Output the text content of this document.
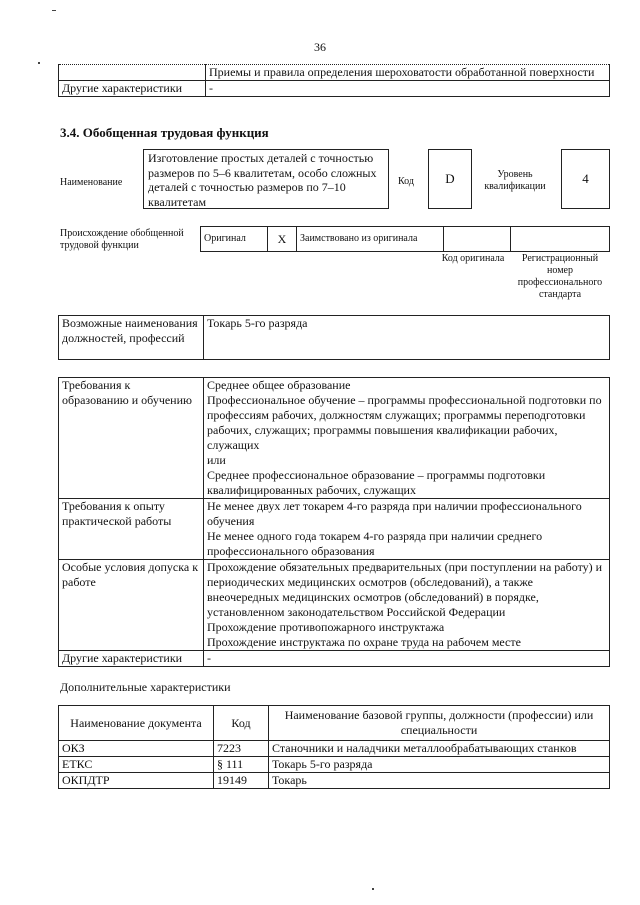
36
	Приемы и правила определения шероховатости обработанной поверхности
Другие характеристики	-
3.4. Обобщенная трудовая функция
Наименование
Изготовление простых деталей с точностью размеров по 5–6 квалитетам, особо сложных деталей с точностью размеров по 7–10 квалитетам
Код D	Уровень квалификации
4
Происхождение обобщенной трудовой функции
Оригинал	X	Заимствовано из оригинала		
Код оригинала	Регистрационный номер профессионального стандарта
Возможные наименования должностей, профессий	Токарь 5-го разряда
Требования к образованию и обучению	Среднее общее образование
Профессиональное обучение – программы профессиональной подготовки по профессиям рабочих, должностям служащих; программы переподготовки рабочих, служащих; программы повышения квалификации рабочих, служащих
или
Среднее профессиональное образование – программы подготовки квалифицированных рабочих, служащих
Требования к опыту практической работы	Не менее двух лет токарем 4-го разряда при наличии профессионального обучения
Не менее одного года токарем 4-го разряда при наличии среднего профессионального образования
Особые условия допуска к работе	Прохождение обязательных предварительных (при поступлении на работу) и периодических медицинских осмотров (обследований), а также внеочередных медицинских осмотров (обследований) в порядке, установленном законодательством Российской Федерации
Прохождение противопожарного инструктажа
Прохождение инструктажа по охране труда на рабочем месте
Другие характеристики	-
Дополнительные характеристики
Наименование документа	Код	Наименование базовой группы, должности (профессии) или специальности
ОКЗ	7223	Станочники и наладчики металлообрабатывающих станков
ЕТКС	§ 111	Токарь 5-го разряда
ОКПДТР	19149	Токарь
